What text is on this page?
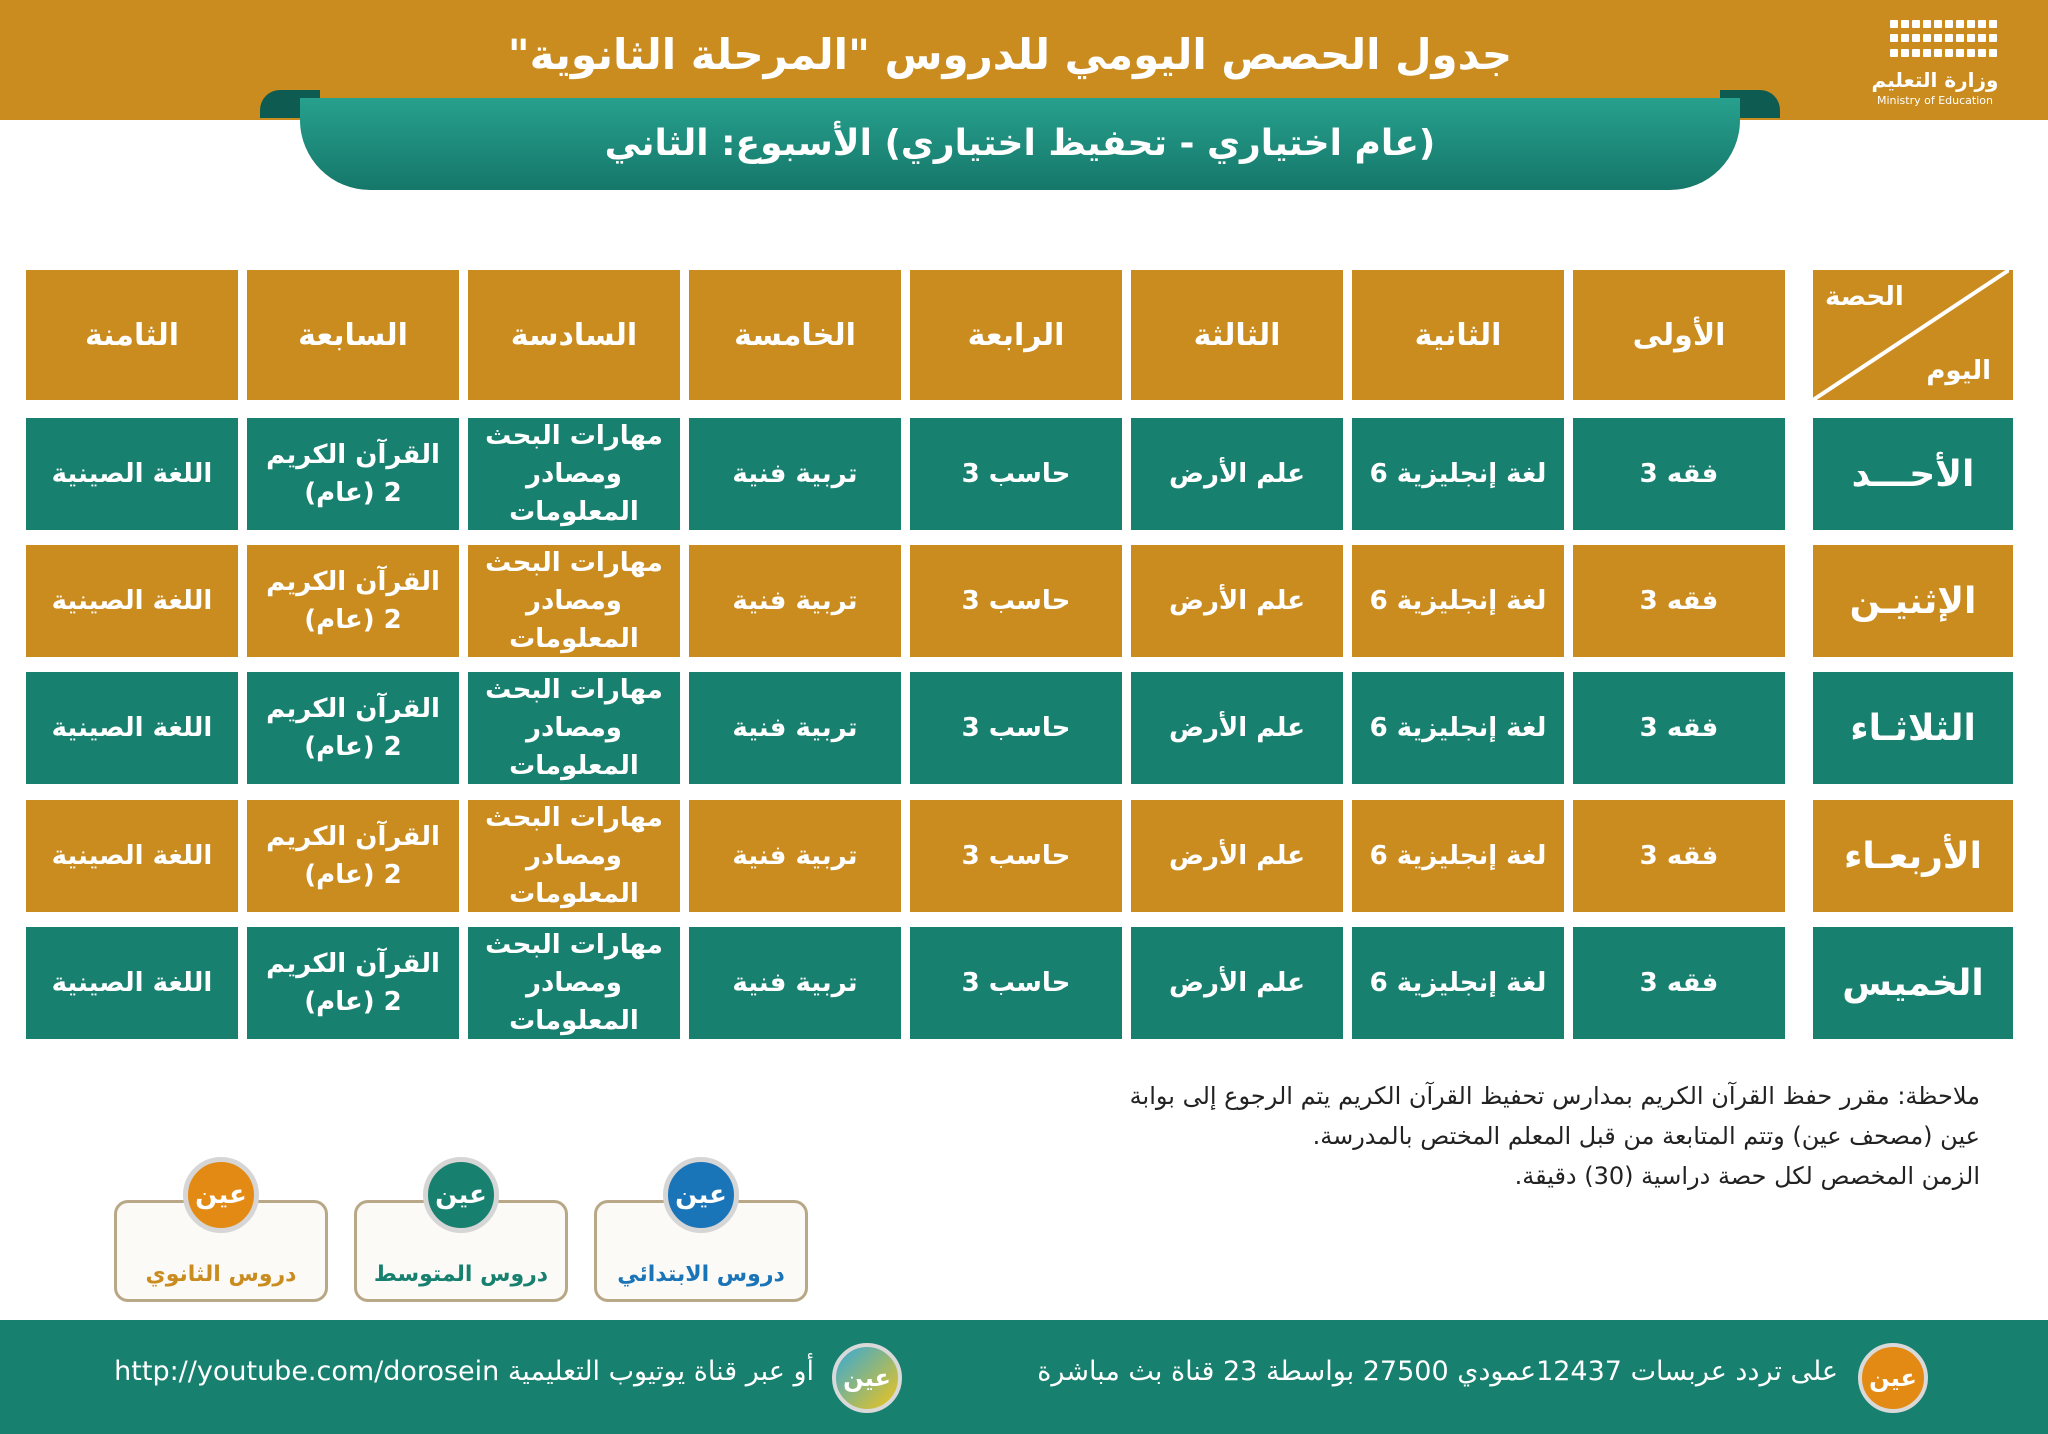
جدول الحصص اليومي للدروس "المرحلة الثانوية"
وزارة التعليم
Ministry of Education
(عام اختياري - تحفيظ اختياري) الأسبوع: الثاني
الحصة
اليوم
الأولى
الثانية
الثالثة
الرابعة
الخامسة
السادسة
السابعة
الثامنة
الأحـــد
فقه 3
لغة إنجليزية 6
علم الأرض
حاسب 3
تربية فنية
مهارات البحث ومصادر المعلومات
القرآن الكريم 2 (عام)
اللغة الصينية
الإثنيـن
فقه 3
لغة إنجليزية 6
علم الأرض
حاسب 3
تربية فنية
مهارات البحث ومصادر المعلومات
القرآن الكريم 2 (عام)
اللغة الصينية
الثلاثـاء
فقه 3
لغة إنجليزية 6
علم الأرض
حاسب 3
تربية فنية
مهارات البحث ومصادر المعلومات
القرآن الكريم 2 (عام)
اللغة الصينية
الأربعـاء
فقه 3
لغة إنجليزية 6
علم الأرض
حاسب 3
تربية فنية
مهارات البحث ومصادر المعلومات
القرآن الكريم 2 (عام)
اللغة الصينية
الخميس
فقه 3
لغة إنجليزية 6
علم الأرض
حاسب 3
تربية فنية
مهارات البحث ومصادر المعلومات
القرآن الكريم 2 (عام)
اللغة الصينية
ملاحظة: مقرر حفظ القرآن الكريم بمدارس تحفيظ القرآن الكريم يتم الرجوع إلى بوابة
عين (مصحف عين) وتتم المتابعة من قبل المعلم المختص بالمدرسة.
الزمن المخصص لكل حصة دراسية (30) دقيقة.
عين
دروس الابتدائي
عين
دروس المتوسط
عين
دروس الثانوي
عين
على تردد عربسات 12437عمودي 27500 بواسطة 23 قناة بث مباشرة
عين
أو عبر قناة يوتيوب التعليمية http://youtube.com/dorosein
